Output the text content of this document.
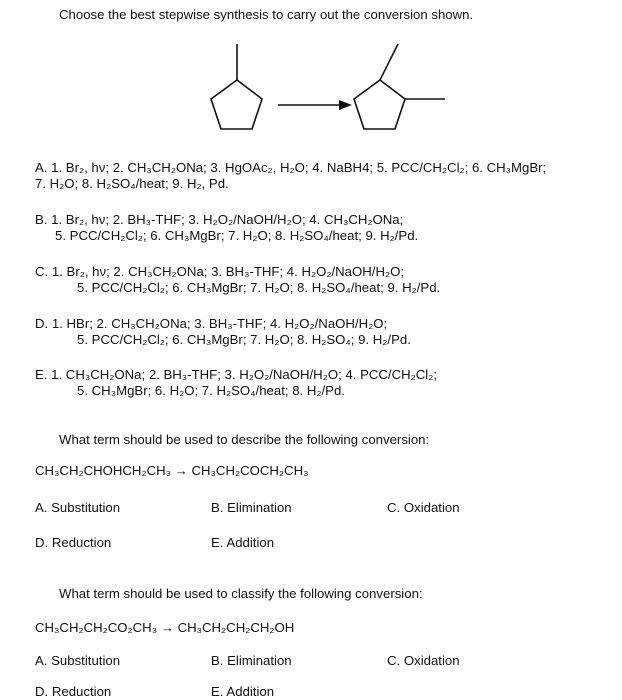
Choose the best stepwise synthesis to carry out the conversion shown.
A. 1. Br₂, hν; 2. CH₃CH₂ONa; 3. HgOAc₂, H₂O; 4. NaBH4; 5. PCC/CH₂Cl₂; 6. CH₃MgBr;
7. H₂O; 8. H₂SO₄/heat; 9. H₂, Pd.
B. 1. Br₂, hν; 2. BH₃-THF; 3. H₂O₂/NaOH/H₂O; 4. CH₃CH₂ONa;
5. PCC/CH₂Cl₂; 6. CH₃MgBr; 7. H₂O; 8. H₂SO₄/heat; 9. H₂/Pd.
C. 1. Br₂, hν; 2. CH₃CH₂ONa; 3. BH₃-THF; 4. H₂O₂/NaOH/H₂O;
5. PCC/CH₂Cl₂; 6. CH₃MgBr; 7. H₂O; 8. H₂SO₄/heat; 9. H₂/Pd.
D. 1. HBr; 2. CH₃CH₂ONa; 3. BH₃-THF; 4. H₂O₂/NaOH/H₂O;
5. PCC/CH₂Cl₂; 6. CH₃MgBr; 7. H₂O; 8. H₂SO₄; 9. H₂/Pd.
E. 1. CH₃CH₂ONa; 2. BH₃-THF; 3. H₂O₂/NaOH/H₂O; 4. PCC/CH₂Cl₂;
5. CH₃MgBr; 6. H₂O; 7. H₂SO₄/heat; 8. H₂/Pd.
What term should be used to describe the following conversion:
CH₃CH₂CHOHCH₂CH₃ → CH₃CH₂COCH₂CH₃
A. Substitution	B. Elimination	C. Oxidation
D. Reduction	E. Addition
What term should be used to classify the following conversion:
CH₃CH₂CH₂CO₂CH₃ → CH₃CH₂CH₂CH₂OH
A. Substitution	B. Elimination	C. Oxidation
D. Reduction	E. Addition
